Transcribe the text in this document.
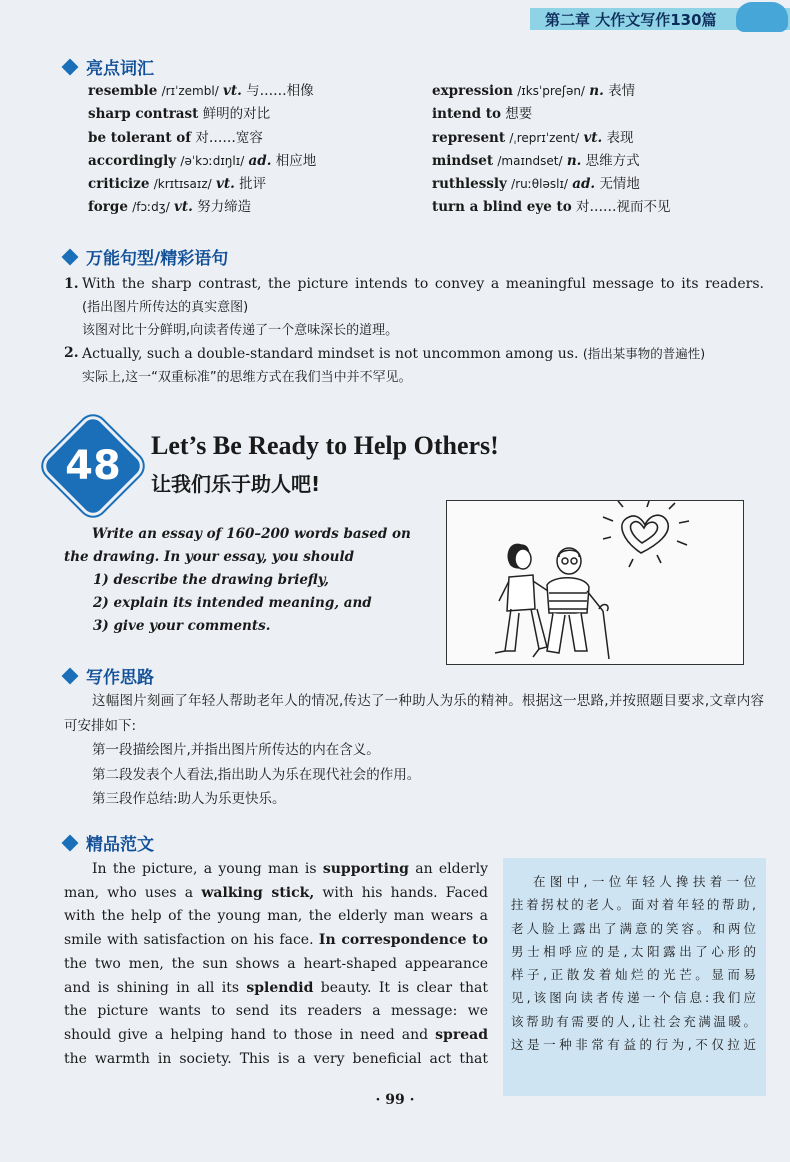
第二章 大作文写作130篇
亮点词汇
resemble /rɪˈzembl/ vt. 与……相像
sharp contrast 鲜明的对比
be tolerant of 对……宽容
accordingly /əˈkɔːdɪŋlɪ/ ad. 相应地
criticize /krɪtɪsaɪz/ vt. 批评
forge /fɔːdʒ/ vt. 努力缔造
expression /ɪksˈpreʃən/ n. 表情
intend to 想要
represent /ˌreprɪˈzent/ vt. 表现
mindset /maɪndset/ n. 思维方式
ruthlessly /ruːθləslɪ/ ad. 无情地
turn a blind eye to 对……视而不见
万能句型/精彩语句
1. With the sharp contrast, the picture intends to convey a meaningful message to its readers.
(指出图片所传达的真实意图)
该图对比十分鲜明,向读者传递了一个意味深长的道理。
2. Actually, such a double-standard mindset is not uncommon among us. (指出某事物的普遍性)
实际上,这一“双重标准”的思维方式在我们当中并不罕见。
48	Let’s Be Ready to Help Others!
让我们乐于助人吧!
Write an essay of 160–200 words based on
the drawing. In your essay, you should
1) describe the drawing briefly,
2) explain its intended meaning, and
3) give your comments.
写作思路
这幅图片刻画了年轻人帮助老年人的情况,传达了一种助人为乐的精神。根据这一思路,并按照题目要求,文章内容可安排如下:
第一段描绘图片,并指出图片所传达的内在含义。
第二段发表个人看法,指出助人为乐在现代社会的作用。
第三段作总结:助人为乐更快乐。
精品范文
In the picture, a young man is supporting an elderly
man, who uses a walking stick, with his hands. Faced
with the help of the young man, the elderly man wears a
smile with satisfaction on his face. In correspondence to
the two men, the sun shows a heart-shaped appearance
and is shining in all its splendid beauty. It is clear that
the picture wants to send its readers a message: we
should give a helping hand to those in need and spread
the warmth in society. This is a very beneficial act that
在图中,一位年轻人搀扶着一位
拄着拐杖的老人。面对着年轻的帮助,
老人脸上露出了满意的笑容。和两位
男士相呼应的是,太阳露出了心形的
样子,正散发着灿烂的光芒。显而易
见,该图向读者传递一个信息:我们应
该帮助有需要的人,让社会充满温暖。
这是一种非常有益的行为,不仅拉近
· 99 ·
